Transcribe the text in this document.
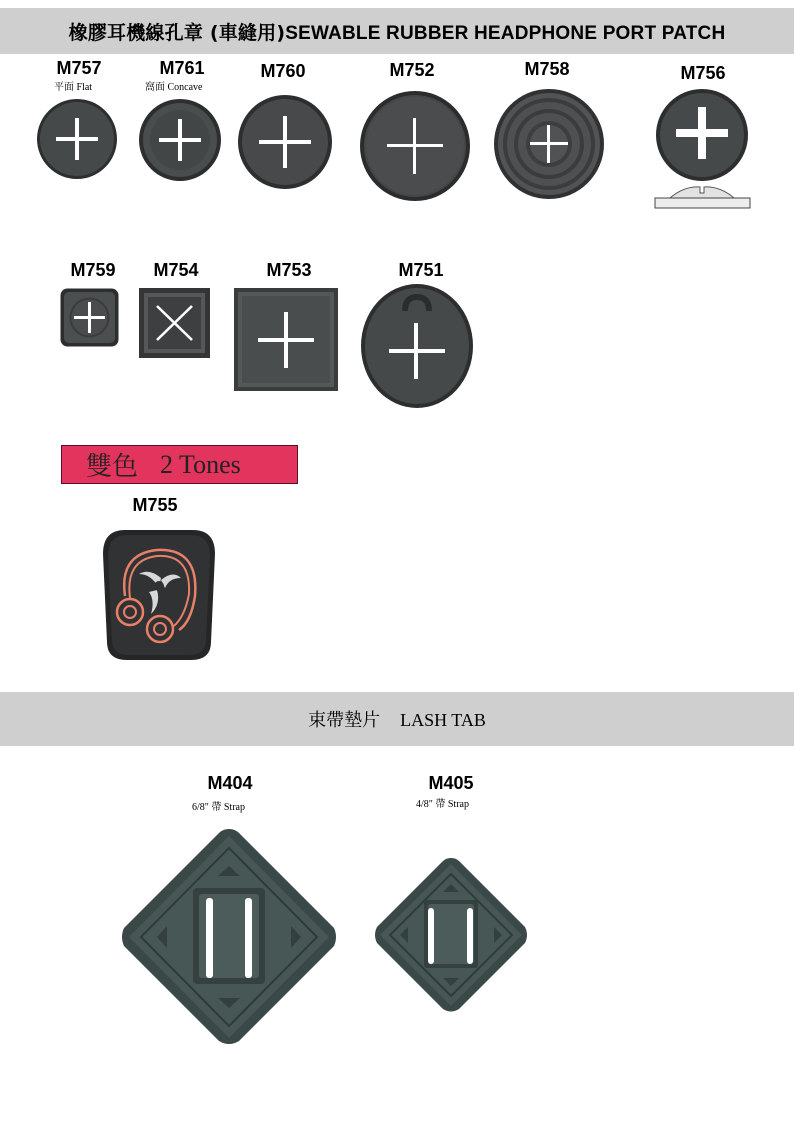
橡膠耳機線孔章 (車縫用)SEWABLE RUBBER HEADPHONE PORT PATCH
M757
平面 Flat
M761
窩面 Concave
M760	M752	M758	M756
M759 M754	M753	M751
雙色 2 Tones
M755
束帶墊片 LASH TAB
M404
6/8" 帶 Strap
M405
4/8" 帶 Strap
